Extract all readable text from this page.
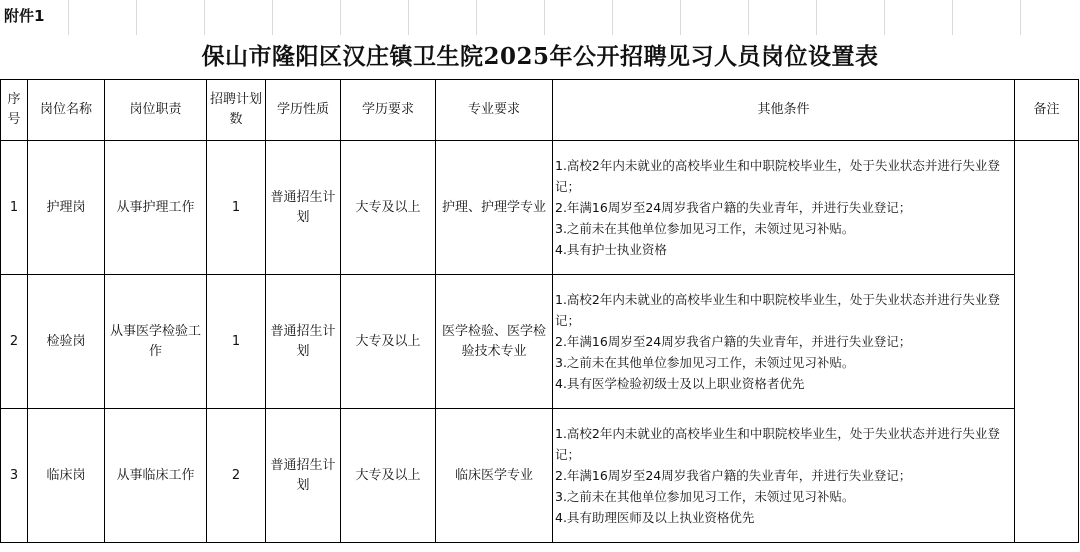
附件1
保山市隆阳区汉庄镇卫生院2025年公开招聘见习人员岗位设置表
序号	岗位名称	岗位职责	招聘计划数	学历性质	学历要求	专业要求	其他条件	备注
1	护理岗	从事护理工作	1	普通招生计划	大专及以上	护理、护理学专业	1.高校2年内未就业的高校毕业生和中职院校毕业生，处于失业状态并进行失业登记；
2.年满16周岁至24周岁我省户籍的失业青年，并进行失业登记；
3.之前未在其他单位参加见习工作，未领过见习补贴。
4.具有护士执业资格	

2	检验岗	从事医学检验工作	1	普通招生计划	大专及以上	医学检验、医学检验技术专业	1.高校2年内未就业的高校毕业生和中职院校毕业生，处于失业状态并进行失业登记；
2.年满16周岁至24周岁我省户籍的失业青年，并进行失业登记；
3.之前未在其他单位参加见习工作，未领过见习补贴。
4.具有医学检验初级士及以上职业资格者优先	

3	临床岗	从事临床工作	2	普通招生计划	大专及以上	临床医学专业	1.高校2年内未就业的高校毕业生和中职院校毕业生，处于失业状态并进行失业登记；
2.年满16周岁至24周岁我省户籍的失业青年，并进行失业登记；
3.之前未在其他单位参加见习工作，未领过见习补贴。
4.具有助理医师及以上执业资格优先	
